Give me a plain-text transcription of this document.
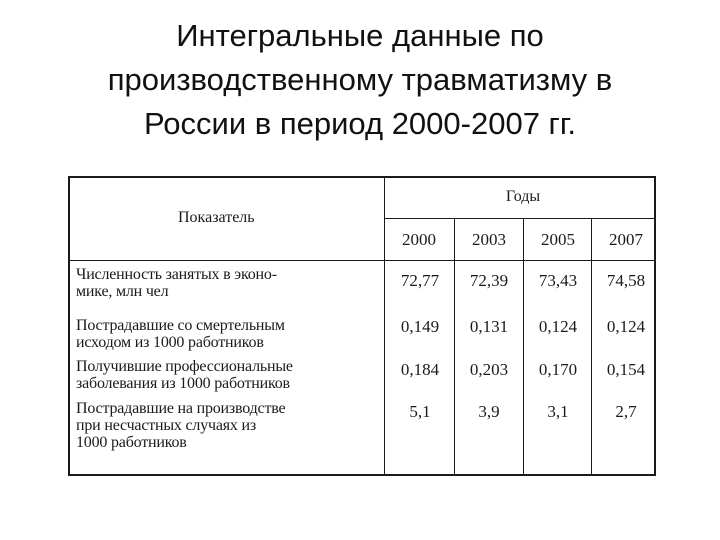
Интегральные данные по
производственному травматизму в
России в период 2000-2007 гг.
Показатель
Годы
2000	2003	2005	2007
Численность занятых в эконо-
мике, млн чел
72,77	72,39	73,43	74,58
Пострадавшие со смертельным
исходом из 1000 работников
0,149	0,131	0,124	0,124
Получившие профессиональные
заболевания из 1000 работников
0,184	0,203	0,170	0,154
Пострадавшие на производстве
при несчастных случаях из
1000 работников
5,1	3,9	3,1	2,7
